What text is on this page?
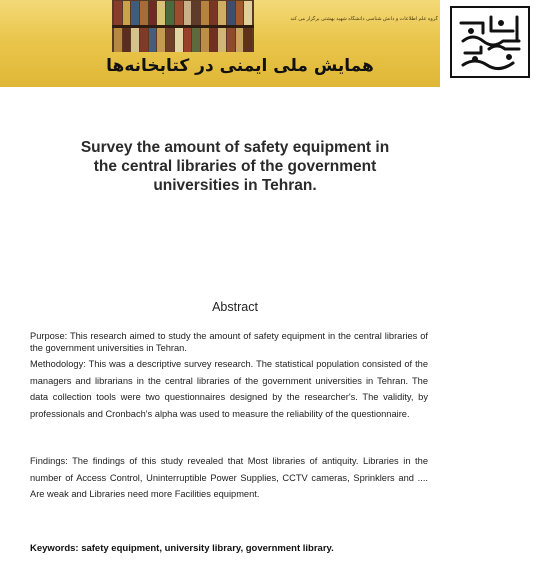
گروه علم اطلاعات و دانش شناسی دانشگاه شهید بهشتی برگزار می کند
همایش ملی ایمنی در کتابخانه‌ها
Survey the amount of safety equipment in
the central libraries of the government
universities in Tehran.
Abstract
Purpose: This research aimed to study the amount of safety equipment in the central libraries of the government universities in Tehran.
Methodology: This was a descriptive survey research. The statistical population consisted of the managers and librarians in the central libraries of the government universities in Tehran. The data collection tools were two questionnaires designed by the researcher's. The validity, by professionals and Cronbach's alpha was used to measure the reliability of the questionnaire.
Findings: The findings of this study revealed that Most libraries of antiquity. Libraries in the number of Access Control, Uninterruptible Power Supplies, CCTV cameras, Sprinklers and .... Are weak and Libraries need more Facilities equipment.
Keywords: safety equipment, university library, government library.
